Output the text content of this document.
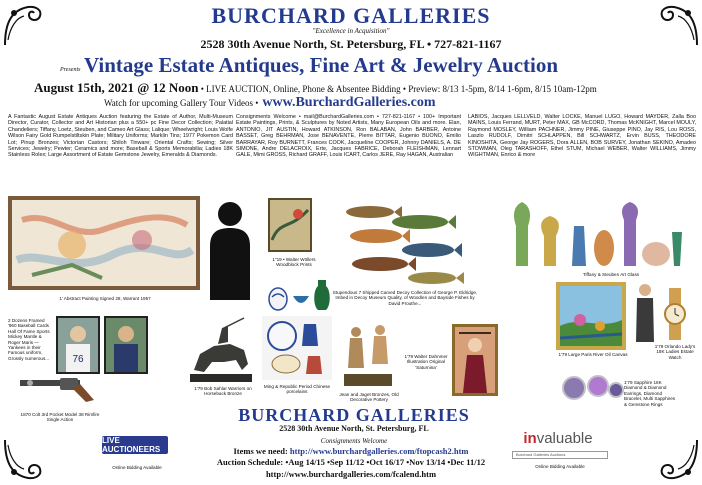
BURCHARD GALLERIES
"Excellence in Acquisition"
2528 30th Avenue North, St. Petersburg, FL • 727-821-1167
Presents Vintage Estate Antiques, Fine Art & Jewelry Auction
August 15th, 2021 @ 12 Noon • LIVE AUCTION, Online, Phone & Absentee Bidding • Preview: 8/13 1-5pm, 8/14 1-6pm, 8/15 10am-12pm
Watch for upcoming Gallery Tour Videos • www.BurchardGalleries.com
A Fantastic August Estate Antiques Auction featuring the Estate of Author, Multi-Museum Director, Curator, Collector and Art Historian plus a 550+ pc Fine Decor Collection; Palatial Chandeliers; Tiffany, Loetz, Steuben, and Cameo Art Glass; Lalique; Wheelwright; Louis Wolfe Wilson Fairy Gold Rumpelstiltskin Plate; Military Uniforms; Marklin Tins; 1977 Pokemon Card Lot; Pinup Bronzes; Victorian Castors; Shiloh Tinware; Oriental Crafts; Sewing; Silver Services; Jewelry; Pewter; Ceramics and more; Baseball & Sports Memorabilia; Ladies 18K Stainless Rolex; Large Assortment of Estate Gemstone Jewelry, Emeralds & Diamonds.
Consignments Welcome • mail@BurchardGalleries.com • 727-821-1167 • 100+ Important Estate Paintings, Prints, & Sculptures by Noted Artists, Many European Oils and more. Elan, ANTONIO, JIT AUSTIN, Howard ATKINSON, Ron BALABAN, John BARBER, Antoine BASSET, Greg BEHRMAN, Jose BENAVENTE, Pierre BITTAR, Eugenio BUONO, Emilio BARRAYAR, Roy BURNETT, Frances COOK, Jacqueline COOPER, Johnny DANIELS, A. DE SIMONE, Andre DELACROIX, Erte, Jacques FABRICE, Deborah FLEISHMAN, Lennart GALE, Mimi GROSS, Richard GRAFF, Louis ICART, Carlos JERE, Ray HAGAN, Australian
LABIOS, Jacques LELLVELD, Walter LOCKE, Manuel LUGO, Howard MAYDER, Zalla Boo MAINS, Louis Ferrand, MURT, Peter MAX, GB McCORD, Thomas McKNIGHT, Marcel MOULY, Raymond MOSLEY, William PACHNER, Jimmy PINE, Giuseppe PINO, Jay RIS, Lou ROSS, Laszlo RUDOLF, Dimitri SCHLAPPEN, Bill SCHWARTZ, Ervin BUSS, THEODORE KINOSHITA, George Jay ROGERS, Dora ALLEN, BOB SURVEY, Jonathan SEKINO, Amadeo STOWMAN, Oleg TARASHOFF, Ethel STUM, Michael WEBER, Walter WILLIAMS, Jimmy WIGHTMAN, Enrico & more
1' Abstract Painting Signed 28, Warrant 1957
1"19 • Walter Wöllers Woodblock Prints
Stupendous 7 Shipped Carved Decoy Collection of George P. Eldridge, Imbed in Decoy Museum Quality, of Woodlen and Bayside Fishes by David Prouthe...
Tiffany & Steuben Art Glass
76
2 Dozens Framed '960 Baseball Cards Hall Of Fame Sports Mickey Mantle & Roger Maris — Yankees in their Famous uniform, Grossly numerous...
1870 Colt 3rd Pocket Model 38 Rimfire Single Action
1'79 Bob Sahlar Warriors on Horseback Bronze
Ming & Republic Period Chinese porcelains
Jean and Jaget Bronzes, Old Decorative Pottery
1'79 Walter Dahnmer Illustration Original 'Saturnina'
1'79 Large Paris River Oil Canvas
1'79 Orlando Lady's 18K Ladies Estate Watch
1'79 Sapphire 18K Diamond & Diamond Earrings, Diamond Bracelet, Multi Sapphires & Gemstone Rings
BURCHARD GALLERIES
2528 30th Avenue North, St. Petersburg, FL
Consignments Welcome
Items we need: http://www.burchardgalleries.com/ftopcash2.htm
Auction Schedule: •Aug 14/15 •Sep 11/12 •Oct 16/17 •Nov 13/14 •Dec 11/12
http://www.burchardgalleries.com/fcalend.htm
LIVE AUCTIONEERS
Online Bidding Available
invaluable
Burchard Galleries Auctions
Online Bidding Available
